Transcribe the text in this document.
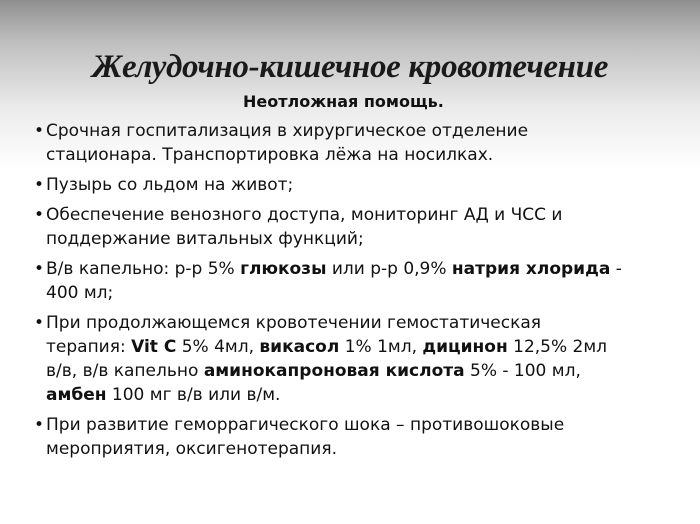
Желудочно-кишечное кровотечение
Неотложная помощь.
• Срочная госпитализация в хирургическое отделение
стационара. Транспортировка лёжа на носилках.
• Пузырь со льдом на живот;
• Обеспечение венозного доступа, мониторинг АД и ЧСС и
поддержание витальных функций;
• В/в капельно: р-р 5% глюкозы или р-р 0,9% натрия хлорида -
400 мл;
• При продолжающемся кровотечении гемостатическая
терапия: Vit C 5% 4мл, викасол 1% 1мл, дицинон 12,5% 2мл
в/в, в/в капельно аминокапроновая кислота 5% - 100 мл,
амбен 100 мг в/в или в/м.
• При развитие геморрагического шока – противошоковые
мероприятия, оксигенотерапия.
